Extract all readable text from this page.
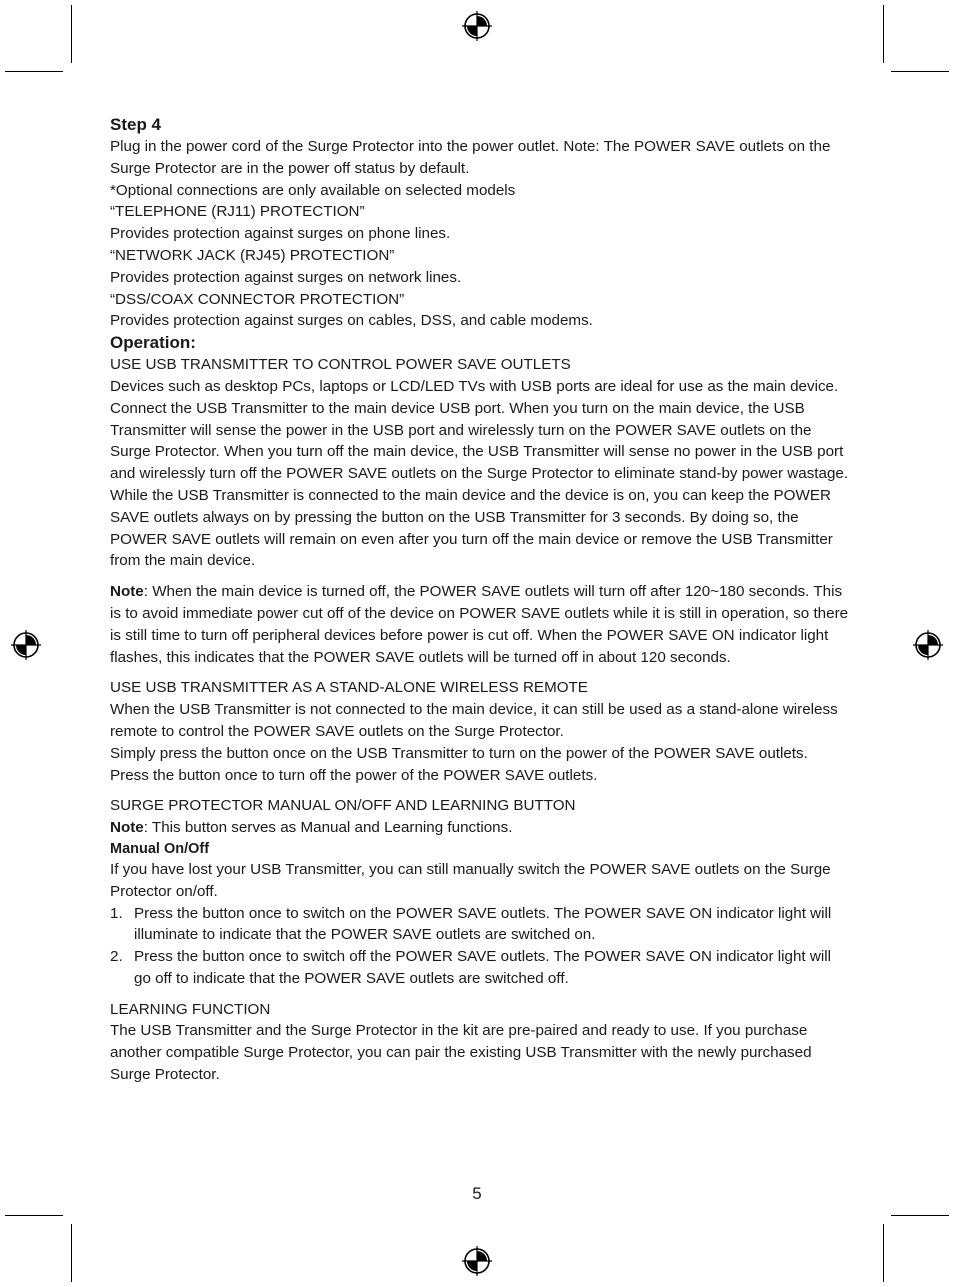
Step 4

Plug in the power cord of the Surge Protector into the power outlet. Note: The POWER SAVE outlets on the Surge Protector are in the power off status by default.

*Optional connections are only available on selected models

“TELEPHONE (RJ11) PROTECTION”

Provides protection against surges on phone lines.

“NETWORK JACK (RJ45) PROTECTION”

Provides protection against surges on network lines.

“DSS/COAX CONNECTOR PROTECTION”

Provides protection against surges on cables, DSS, and cable modems.

Operation:

USE USB TRANSMITTER TO CONTROL POWER SAVE OUTLETS

Devices such as desktop PCs, laptops or LCD/LED TVs with USB ports are ideal for use as the main device. Connect the USB Transmitter to the main device USB port. When you turn on the main device, the USB Transmitter will sense the power in the USB port and wirelessly turn on the POWER SAVE outlets on the Surge Protector. When you turn off the main device, the USB Transmitter will sense no power in the USB port and wirelessly turn off the POWER SAVE outlets on the Surge Protector to eliminate stand-by power wastage.

While the USB Transmitter is connected to the main device and the device is on, you can keep the POWER SAVE outlets always on by pressing the button on the USB Transmitter for 3 seconds. By doing so, the POWER SAVE outlets will remain on even after you turn off the main device or remove the USB Transmitter from the main device.

Note: When the main device is turned off, the POWER SAVE outlets will turn off after 120~180 seconds. This is to avoid immediate power cut off of the device on POWER SAVE outlets while it is still in operation, so there is still time to turn off peripheral devices before power is cut off. When the POWER SAVE ON indicator light flashes, this indicates that the POWER SAVE outlets will be turned off in about 120 seconds.

USE USB TRANSMITTER AS A STAND-ALONE WIRELESS REMOTE

When the USB Transmitter is not connected to the main device, it can still be used as a stand-alone wireless remote to control the POWER SAVE outlets on the Surge Protector.

Simply press the button once on the USB Transmitter to turn on the power of the POWER SAVE outlets. Press the button once to turn off the power of the POWER SAVE outlets.

SURGE PROTECTOR MANUAL ON/OFF AND LEARNING BUTTON

Note: This button serves as Manual and Learning functions.

Manual On/Off

If you have lost your USB Transmitter, you can still manually switch the POWER SAVE outlets on the Surge Protector on/off.

1. Press the button once to switch on the POWER SAVE outlets. The POWER SAVE ON indicator light will illuminate to indicate that the POWER SAVE outlets are switched on.
2. Press the button once to switch off the POWER SAVE outlets. The POWER SAVE ON indicator light will go off to indicate that the POWER SAVE outlets are switched off.

LEARNING FUNCTION

The USB Transmitter and the Surge Protector in the kit are pre-paired and ready to use. If you purchase another compatible Surge Protector, you can pair the existing USB Transmitter with the newly purchased Surge Protector.

5
